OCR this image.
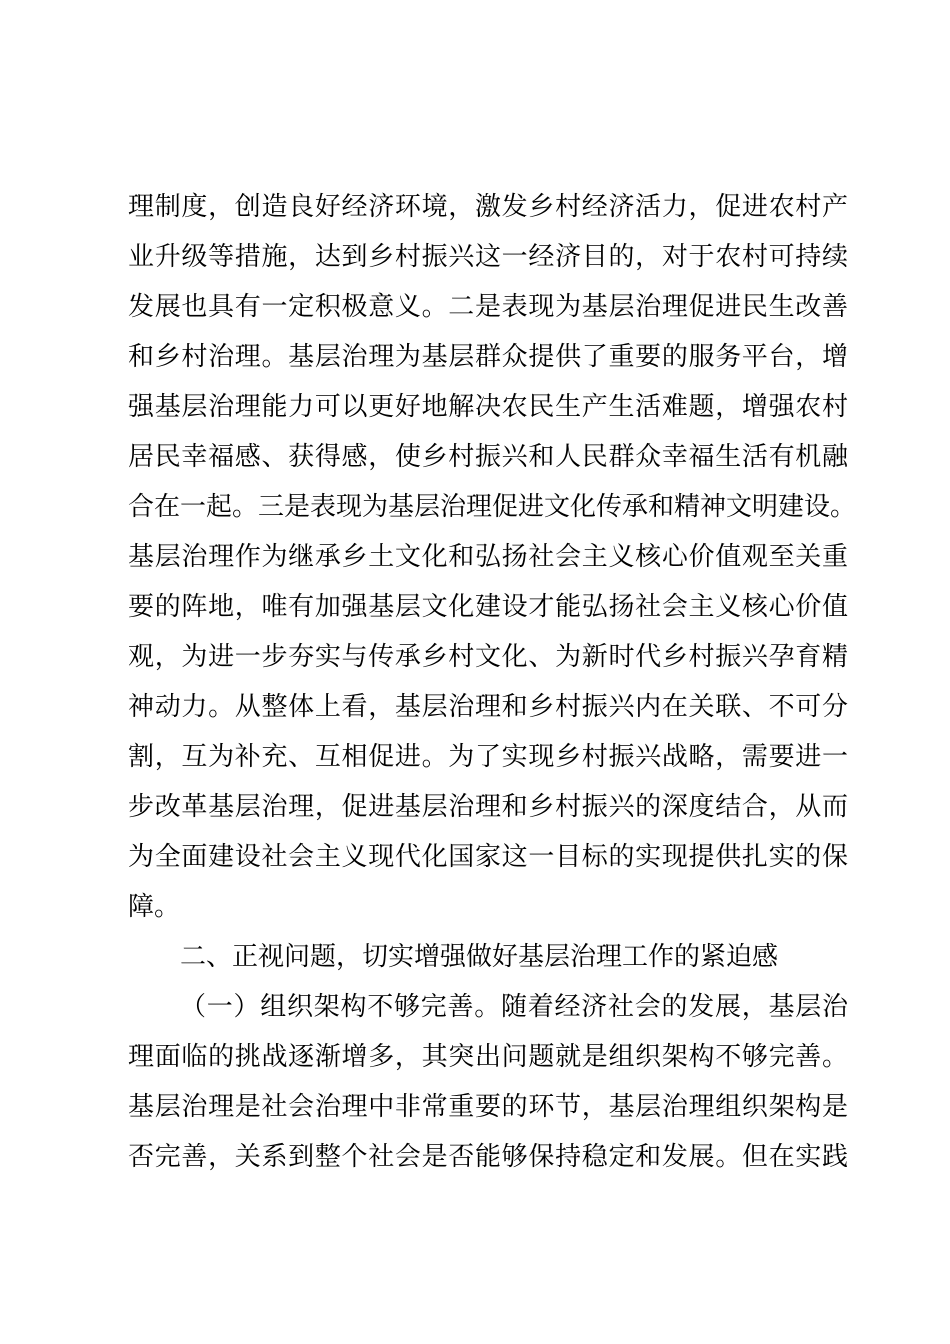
理制度，创造良好经济环境，激发乡村经济活力，促进农村产
业升级等措施，达到乡村振兴这一经济目的，对于农村可持续
发展也具有一定积极意义。二是表现为基层治理促进民生改善
和乡村治理。基层治理为基层群众提供了重要的服务平台，增
强基层治理能力可以更好地解决农民生产生活难题，增强农村
居民幸福感、获得感，使乡村振兴和人民群众幸福生活有机融
合在一起。三是表现为基层治理促进文化传承和精神文明建设。
基层治理作为继承乡土文化和弘扬社会主义核心价值观至关重
要的阵地，唯有加强基层文化建设才能弘扬社会主义核心价值
观，为进一步夯实与传承乡村文化、为新时代乡村振兴孕育精
神动力。从整体上看，基层治理和乡村振兴内在关联、不可分
割，互为补充、互相促进。为了实现乡村振兴战略，需要进一
步改革基层治理，促进基层治理和乡村振兴的深度结合，从而
为全面建设社会主义现代化国家这一目标的实现提供扎实的保
障。
二、正视问题，切实增强做好基层治理工作的紧迫感
（一）组织架构不够完善。随着经济社会的发展，基层治
理面临的挑战逐渐增多，其突出问题就是组织架构不够完善。
基层治理是社会治理中非常重要的环节，基层治理组织架构是
否完善，关系到整个社会是否能够保持稳定和发展。但在实践
